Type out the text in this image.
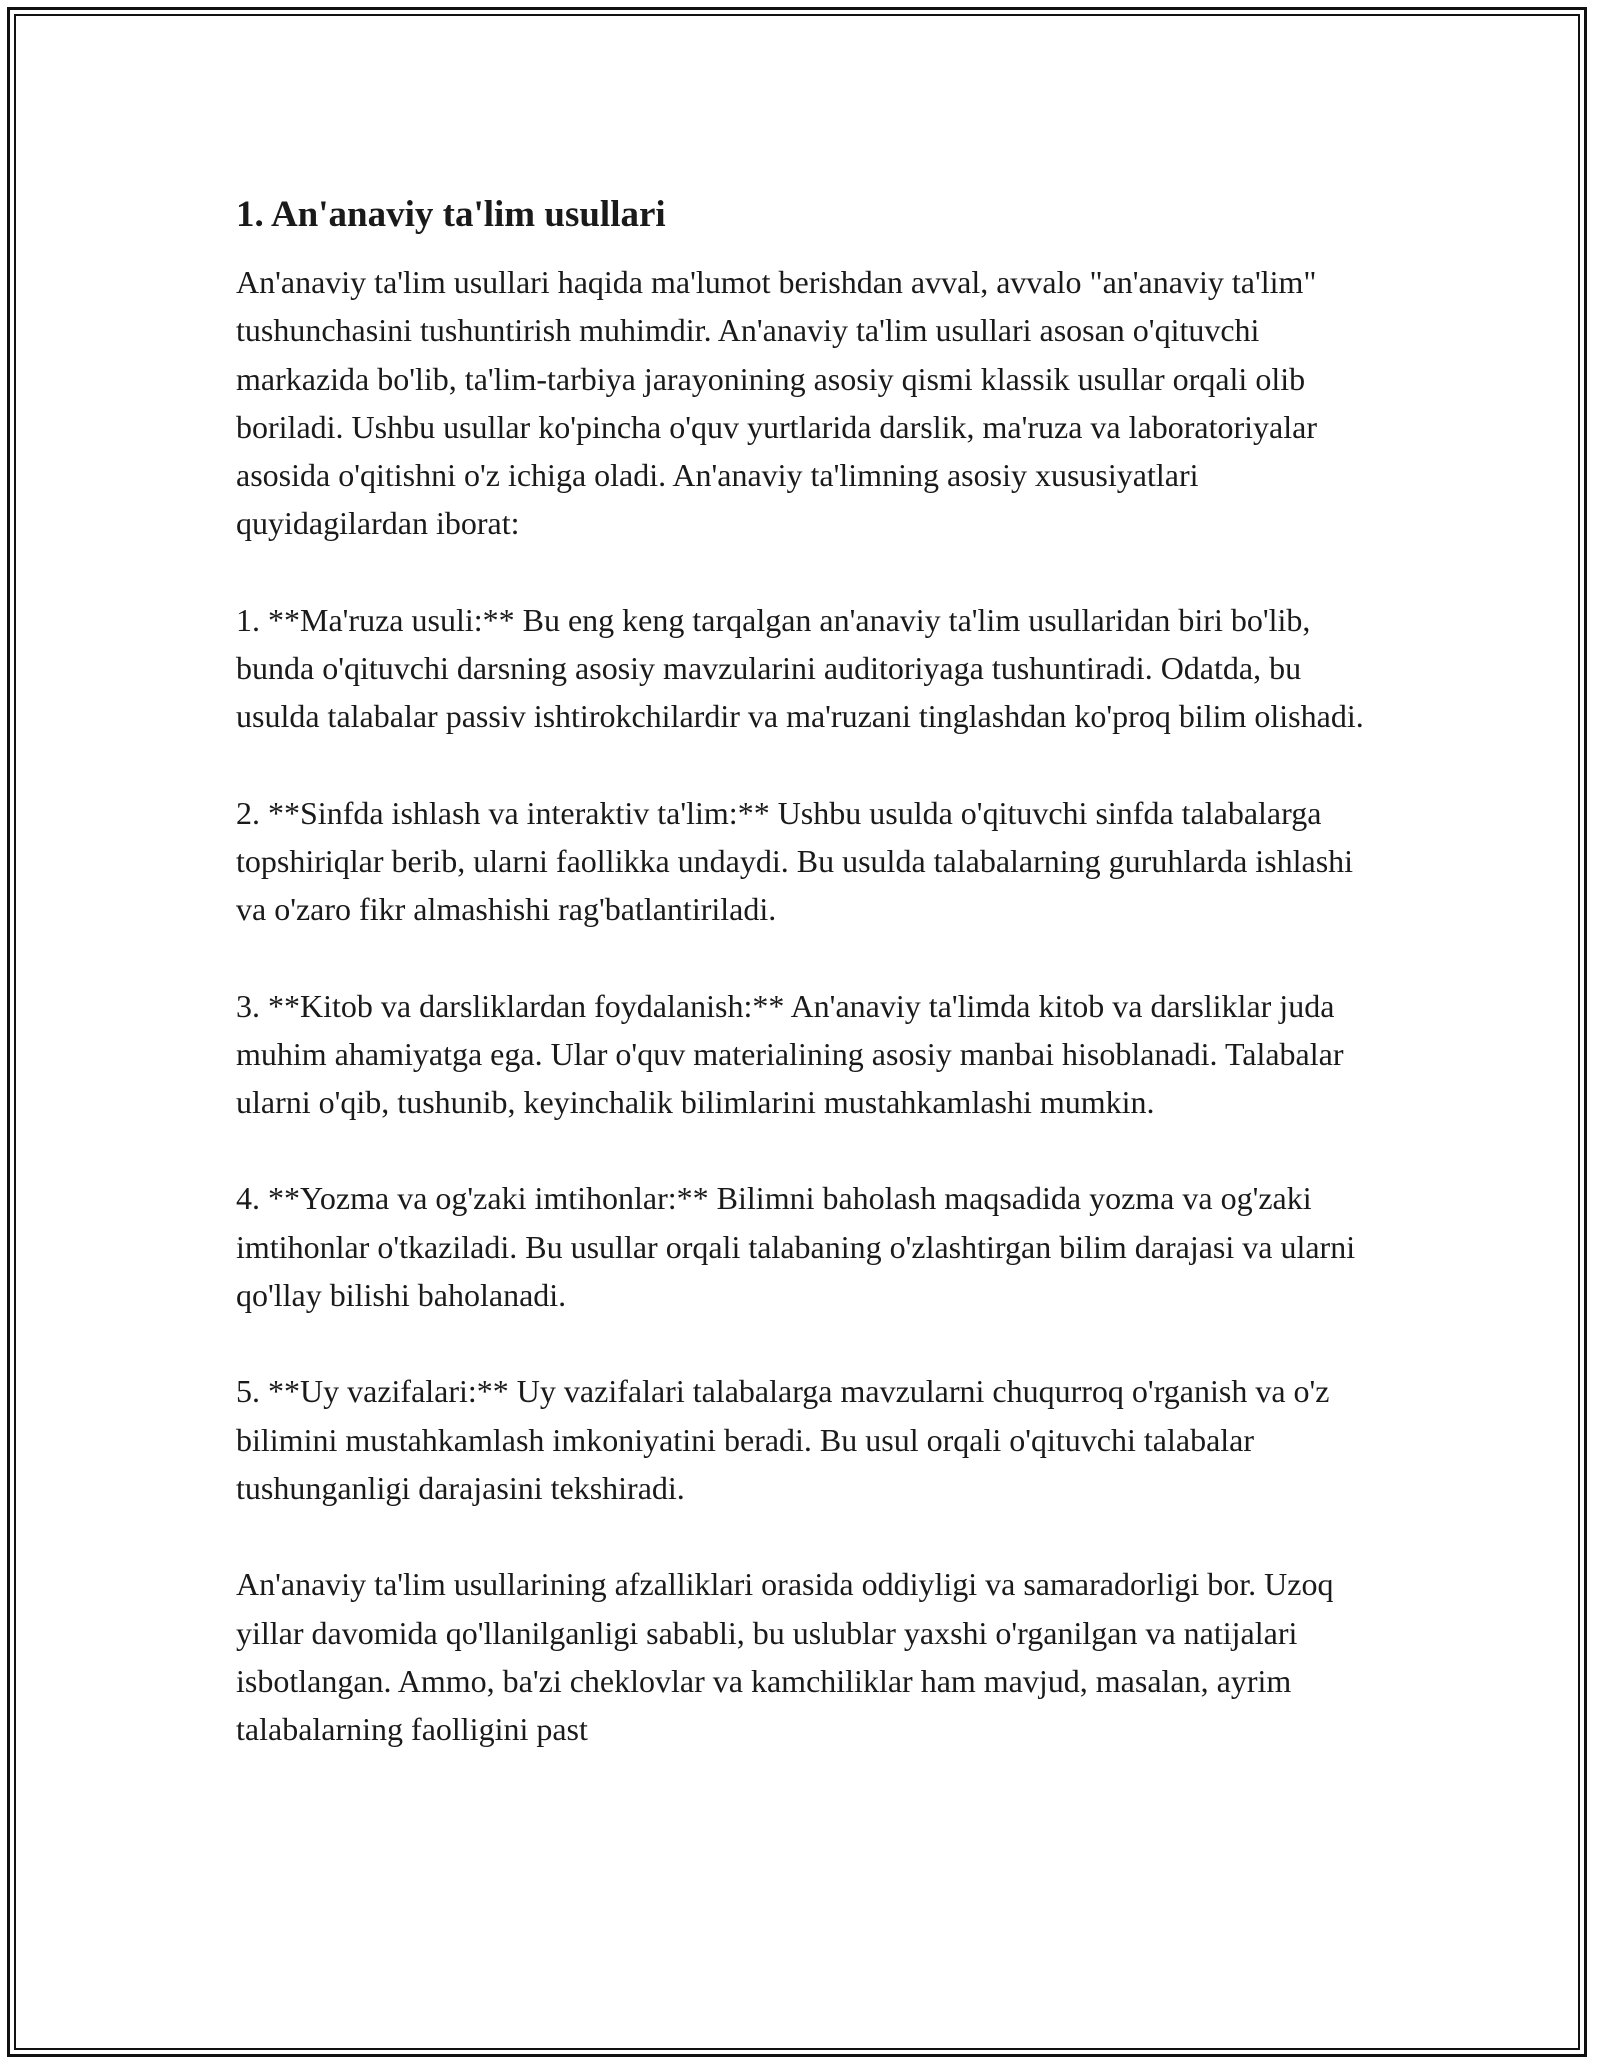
1. An'anaviy ta'lim usullari

An'anaviy ta'lim usullari haqida ma'lumot berishdan avval, avvalo "an'anaviy ta'lim" tushunchasini tushuntirish muhimdir. An'anaviy ta'lim usullari asosan o'qituvchi markazida bo'lib, ta'lim-tarbiya jarayonining asosiy qismi klassik usullar orqali olib boriladi. Ushbu usullar ko'pincha o'quv yurtlarida darslik, ma'ruza va laboratoriyalar asosida o'qitishni o'z ichiga oladi. An'anaviy ta'limning asosiy xususiyatlari quyidagilardan iborat:

1. **Ma'ruza usuli:** Bu eng keng tarqalgan an'anaviy ta'lim usullaridan biri bo'lib, bunda o'qituvchi darsning asosiy mavzularini auditoriyaga tushuntiradi. Odatda, bu usulda talabalar passiv ishtirokchilardir va ma'ruzani tinglashdan ko'proq bilim olishadi.

2. **Sinfda ishlash va interaktiv ta'lim:** Ushbu usulda o'qituvchi sinfda talabalarga topshiriqlar berib, ularni faollikka undaydi. Bu usulda talabalarning guruhlarda ishlashi va o'zaro fikr almashishi rag'batlantiriladi.

3. **Kitob va darsliklardan foydalanish:** An'anaviy ta'limda kitob va darsliklar juda muhim ahamiyatga ega. Ular o'quv materialining asosiy manbai hisoblanadi. Talabalar ularni o'qib, tushunib, keyinchalik bilimlarini mustahkamlashi mumkin.

4. **Yozma va og'zaki imtihonlar:** Bilimni baholash maqsadida yozma va og'zaki imtihonlar o'tkaziladi. Bu usullar orqali talabaning o'zlashtirgan bilim darajasi va ularni qo'llay bilishi baholanadi.

5. **Uy vazifalari:** Uy vazifalari talabalarga mavzularni chuqurroq o'rganish va o'z bilimini mustahkamlash imkoniyatini beradi. Bu usul orqali o'qituvchi talabalar tushunganligi darajasini tekshiradi.

An'anaviy ta'lim usullarining afzalliklari orasida oddiyligi va samaradorligi bor. Uzoq yillar davomida qo'llanilganligi sababli, bu uslublar yaxshi o'rganilgan va natijalari isbotlangan. Ammo, ba'zi cheklovlar va kamchiliklar ham mavjud, masalan, ayrim talabalarning faolligini past
